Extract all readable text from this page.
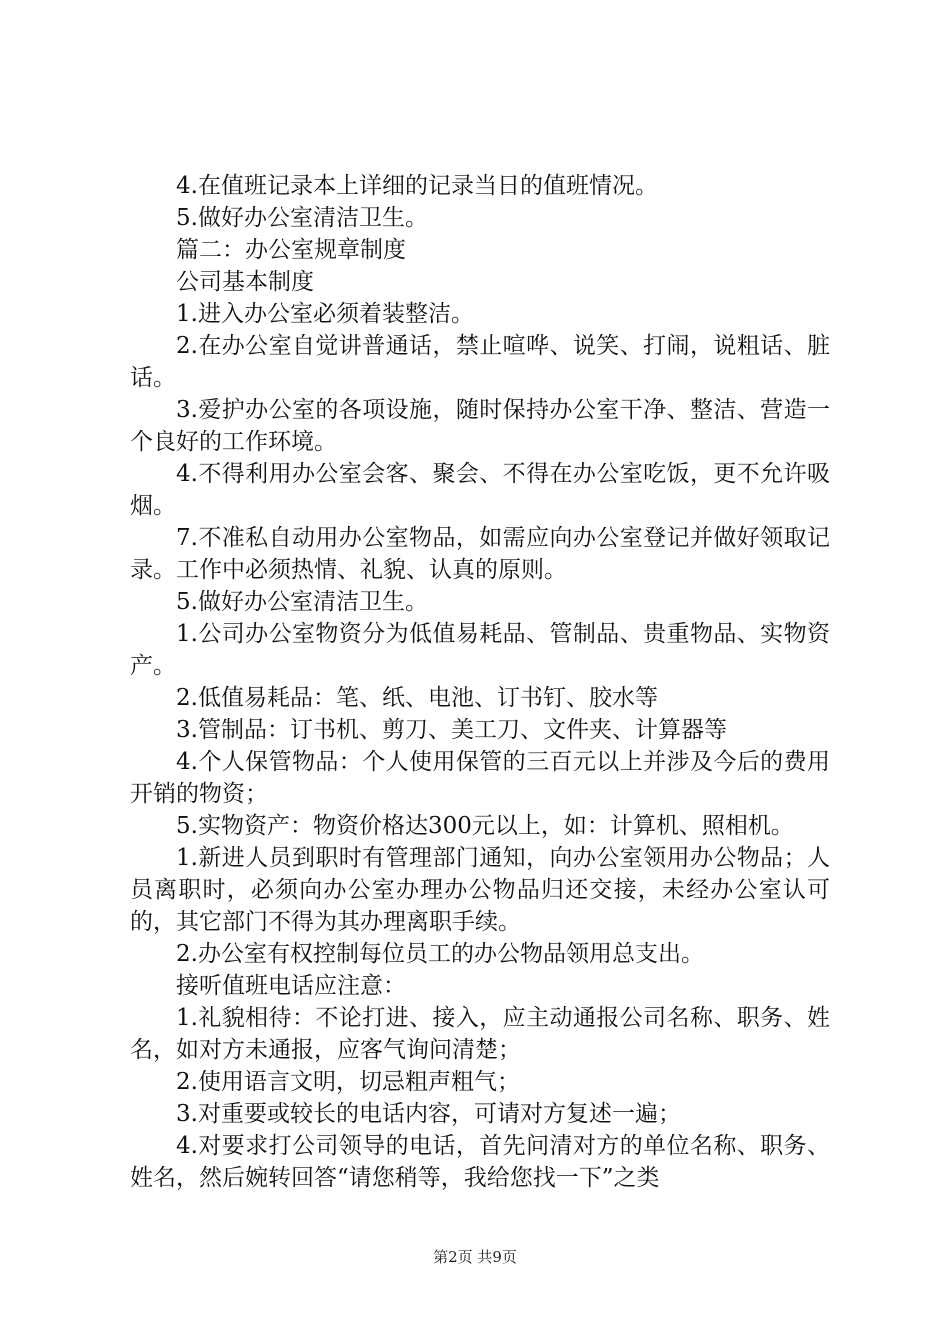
4.在值班记录本上详细的记录当日的值班情况。

5.做好办公室清洁卫生。

篇二：办公室规章制度

公司基本制度

1.进入办公室必须着装整洁。

2.在办公室自觉讲普通话，禁止喧哗、说笑、打闹，说粗话、脏话。

3.爱护办公室的各项设施，随时保持办公室干净、整洁、营造一个良好的工作环境。

4.不得利用办公室会客、聚会、不得在办公室吃饭，更不允许吸烟。

7.不准私自动用办公室物品，如需应向办公室登记并做好领取记录。工作中必须热情、礼貌、认真的原则。

5.做好办公室清洁卫生。

1.公司办公室物资分为低值易耗品、管制品、贵重物品、实物资产。

2.低值易耗品：笔、纸、电池、订书钉、胶水等

3.管制品：订书机、剪刀、美工刀、文件夹、计算器等

4.个人保管物品：个人使用保管的三百元以上并涉及今后的费用开销的物资；

5.实物资产：物资价格达300元以上，如：计算机、照相机。

1.新进人员到职时有管理部门通知，向办公室领用办公物品；人员离职时，必须向办公室办理办公物品归还交接，未经办公室认可的，其它部门不得为其办理离职手续。

2.办公室有权控制每位员工的办公物品领用总支出。

接听值班电话应注意：

1.礼貌相待：不论打进、接入，应主动通报公司名称、职务、姓名，如对方未通报，应客气询问清楚；

2.使用语言文明，切忌粗声粗气；

3.对重要或较长的电话内容，可请对方复述一遍；

4.对要求打公司领导的电话，首先问清对方的单位名称、职务、姓名，然后婉转回答“请您稍等，我给您找一下”之类

第2页 共9页
